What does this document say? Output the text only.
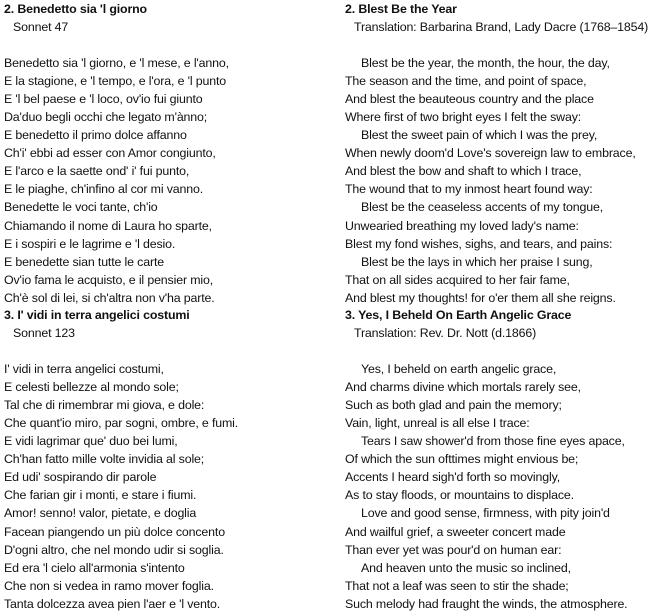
2. Benedetto sia 'l giorno
Sonnet 47
Benedetto sia 'l giorno, e 'l mese, e l'anno,
E la stagione, e 'l tempo, e l'ora, e 'l punto
E 'l bel paese e 'l loco, ov'io fui giunto
Da'duo begli occhi che legato m'ànno;
E benedetto il primo dolce affanno
Ch'i' ebbi ad esser con Amor congiunto,
E l'arco e la saette ond' i' fui punto,
E le piaghe, ch'infino al cor mi vanno.
Benedette le voci tante, ch'io
Chiamando il nome di Laura ho sparte,
E i sospiri e le lagrime e 'l desio.
E benedette sian tutte le carte
Ov'io fama le acquisto, e il pensier mio,
Ch'è sol di lei, si ch'altra non v'ha parte.
2. Blest Be the Year
Translation: Barbarina Brand, Lady Dacre (1768–1854)
Blest be the year, the month, the hour, the day,
The season and the time, and point of space,
And blest the beauteous country and the place
Where first of two bright eyes I felt the sway:
Blest the sweet pain of which I was the prey,
When newly doom'd Love's sovereign law to embrace,
And blest the bow and shaft to which I trace,
The wound that to my inmost heart found way:
Blest be the ceaseless accents of my tongue,
Unwearied breathing my loved lady's name:
Blest my fond wishes, sighs, and tears, and pains:
Blest be the lays in which her praise I sung,
That on all sides acquired to her fair fame,
And blest my thoughts! for o'er them all she reigns.
3. I' vidi in terra angelici costumi
Sonnet 123
I' vidi in terra angelici costumi,
E celesti bellezze al mondo sole;
Tal che di rimembrar mi giova, e dole:
Che quant'io miro, par sogni, ombre, e fumi.
E vidi lagrimar que' duo bei lumi,
Ch'han fatto mille volte invidia al sole;
Ed udi' sospirando dir parole
Che farian gir i monti, e stare i fiumi.
Amor! senno! valor, pietate, e doglia
Facean piangendo un più dolce concento
D'ogni altro, che nel mondo udir si soglia.
Ed era 'l cielo all'armonia s'intento
Che non si vedea in ramo mover foglia.
Tanta dolcezza avea pien l'aer e 'l vento.
3. Yes, I Beheld On Earth Angelic Grace
Translation: Rev. Dr. Nott (d.1866)
Yes, I beheld on earth angelic grace,
And charms divine which mortals rarely see,
Such as both glad and pain the memory;
Vain, light, unreal is all else I trace:
Tears I saw shower'd from those fine eyes apace,
Of which the sun ofttimes might envious be;
Accents I heard sigh'd forth so movingly,
As to stay floods, or mountains to displace.
Love and good sense, firmness, with pity join'd
And wailful grief, a sweeter concert made
Than ever yet was pour'd on human ear:
And heaven unto the music so inclined,
That not a leaf was seen to stir the shade;
Such melody had fraught the winds, the atmosphere.
